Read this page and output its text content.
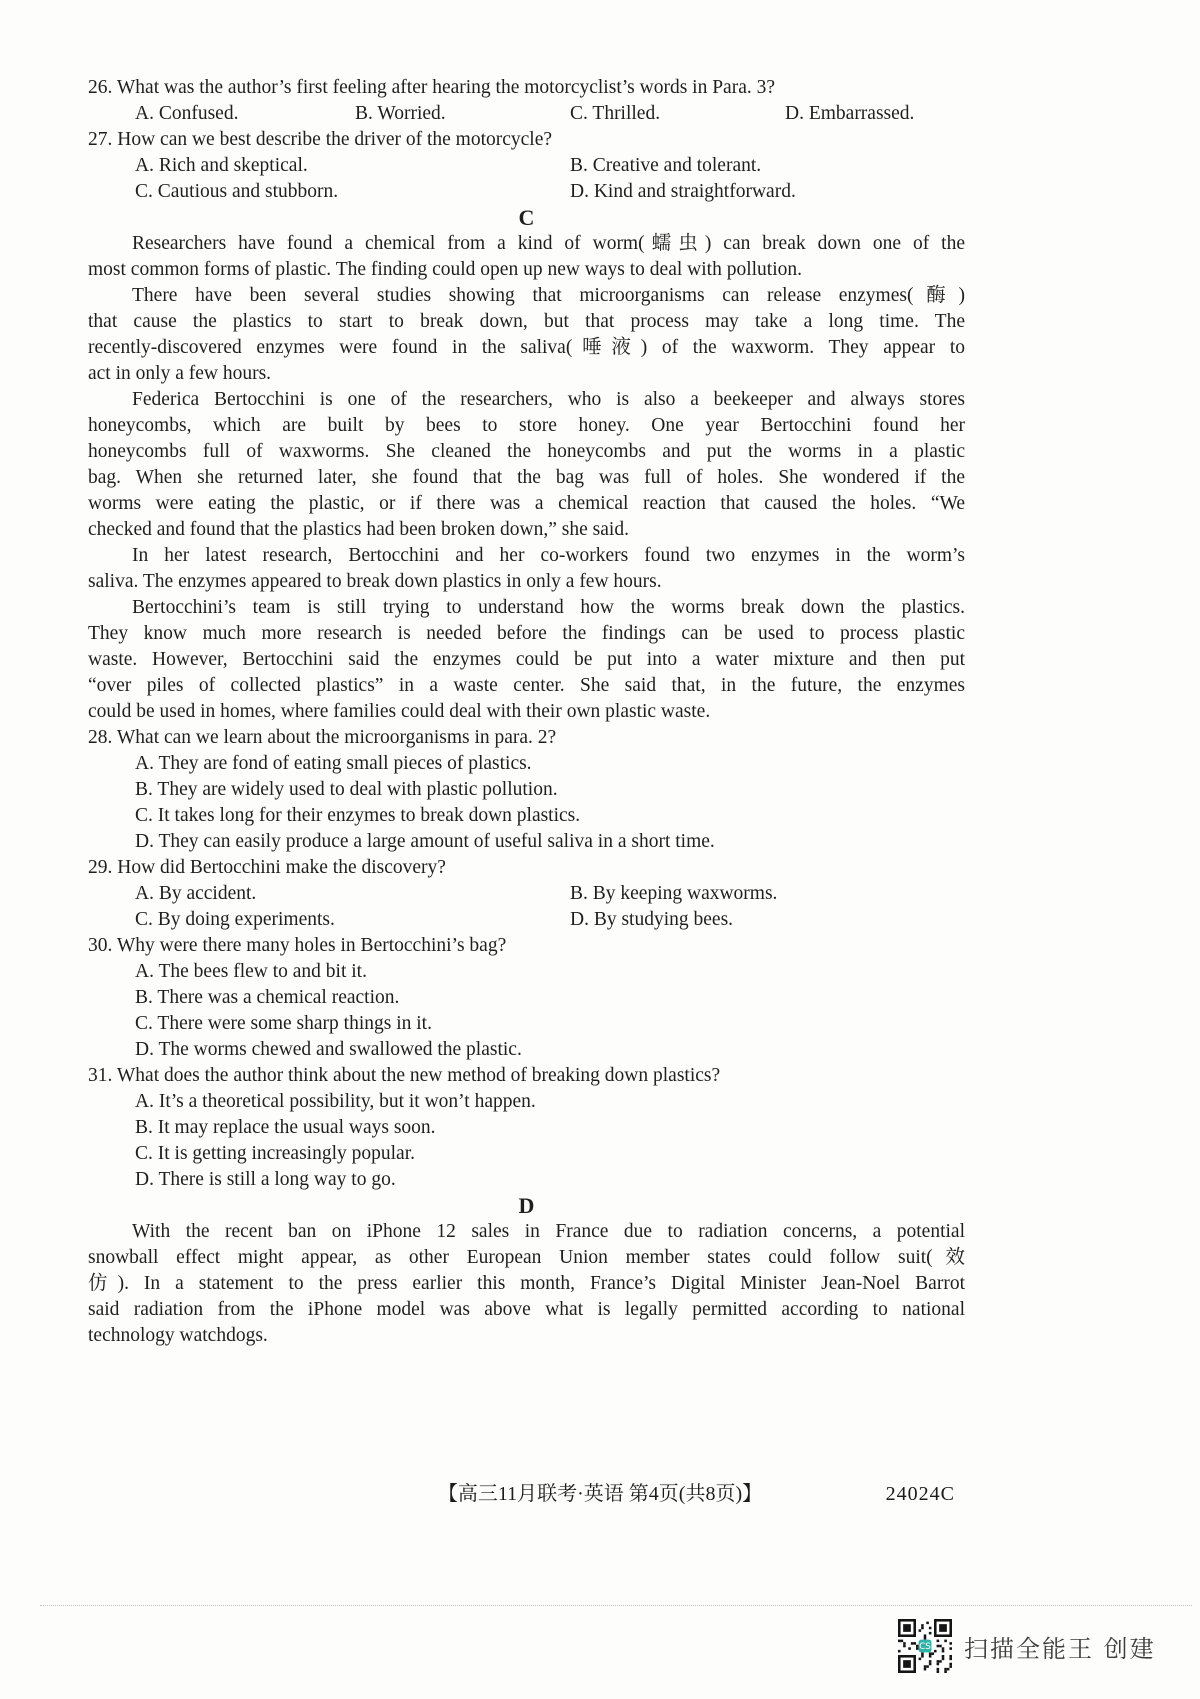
26. What was the author’s first feeling after hearing the motorcyclist’s words in Para. 3?
A. Confused.	B. Worried.	C. Thrilled.	D. Embarrassed.
27. How can we best describe the driver of the motorcycle?
A. Rich and skeptical.	B. Creative and tolerant.
C. Cautious and stubborn.	D. Kind and straightforward.
C
Researchers have found a chemical from a kind of worm(蠕虫) can break down one of the
most common forms of plastic. The finding could open up new ways to deal with pollution.
There have been several studies showing that microorganisms can release enzymes(酶)
that cause the plastics to start to break down, but that process may take a long time. The
recently-discovered enzymes were found in the saliva(唾液) of the waxworm. They appear to
act in only a few hours.
Federica Bertocchini is one of the researchers, who is also a beekeeper and always stores
honeycombs, which are built by bees to store honey. One year Bertocchini found her
honeycombs full of waxworms. She cleaned the honeycombs and put the worms in a plastic
bag. When she returned later, she found that the bag was full of holes. She wondered if the
worms were eating the plastic, or if there was a chemical reaction that caused the holes. “We
checked and found that the plastics had been broken down,” she said.
In her latest research, Bertocchini and her co-workers found two enzymes in the worm’s
saliva. The enzymes appeared to break down plastics in only a few hours.
Bertocchini’s team is still trying to understand how the worms break down the plastics.
They know much more research is needed before the findings can be used to process plastic
waste. However, Bertocchini said the enzymes could be put into a water mixture and then put
“over piles of collected plastics” in a waste center. She said that, in the future, the enzymes
could be used in homes, where families could deal with their own plastic waste.
28. What can we learn about the microorganisms in para. 2?
A. They are fond of eating small pieces of plastics.
B. They are widely used to deal with plastic pollution.
C. It takes long for their enzymes to break down plastics.
D. They can easily produce a large amount of useful saliva in a short time.
29. How did Bertocchini make the discovery?
A. By accident.	B. By keeping waxworms.
C. By doing experiments.	D. By studying bees.
30. Why were there many holes in Bertocchini’s bag?
A. The bees flew to and bit it.
B. There was a chemical reaction.
C. There were some sharp things in it.
D. The worms chewed and swallowed the plastic.
31. What does the author think about the new method of breaking down plastics?
A. It’s a theoretical possibility, but it won’t happen.
B. It may replace the usual ways soon.
C. It is getting increasingly popular.
D. There is still a long way to go.
D
With the recent ban on iPhone 12 sales in France due to radiation concerns, a potential
snowball effect might appear, as other European Union member states could follow suit(效
仿). In a statement to the press earlier this month, France’s Digital Minister Jean-Noel Barrot
said radiation from the iPhone model was above what is legally permitted according to national
technology watchdogs.
【高三11月联考·英语 第4页(共8页)】	24024C
CS 扫描全能王 创建
